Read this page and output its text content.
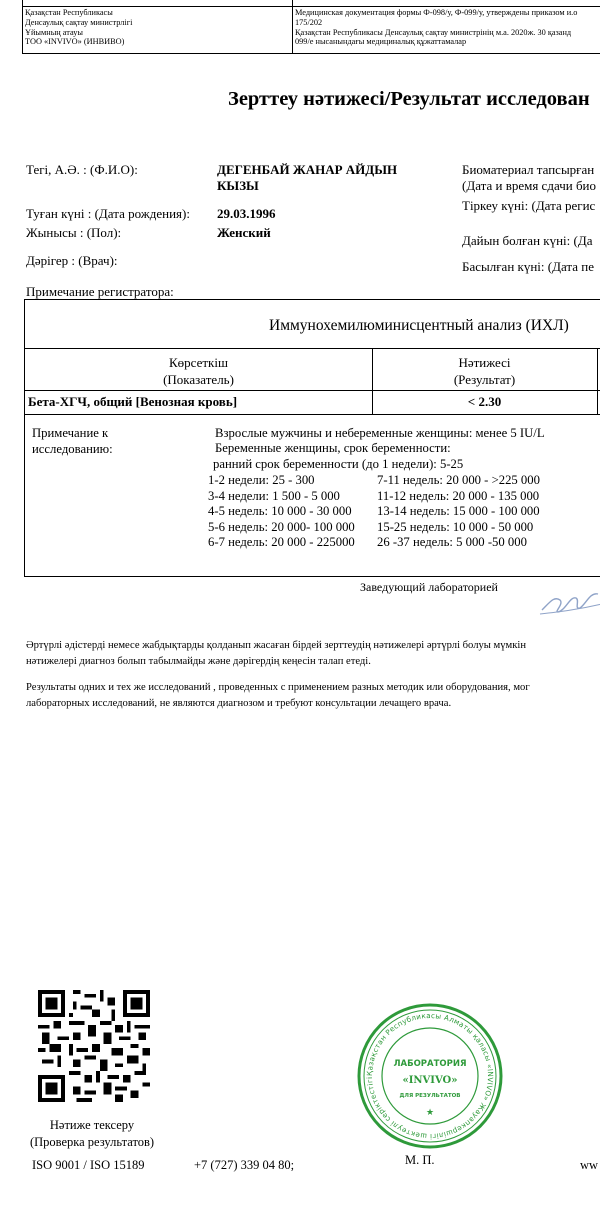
Қазақстан Республикасы
Денсаулық сақтау министрлігі
Ұйымның атауы
ТОО «INVIVO» (ИНВИВО)
Медицинская документация формы Ф-098/у, Ф-099/у, утверждены приказом и.о
175/202
Қазақстан Республикасы Денсаулық сақтау министрінің м.а. 2020ж. 30 қазанд
099/е нысанындағы медициналық құжаттамалар
Зерттеу нәтижесі/Результат исследован
Тегі, А.Ә. : (Ф.И.О):	ДЕГЕНБАЙ ЖАНАР АЙДЫН
КЫЗЫ
Туған күні : (Дата рождения): 29.03.1996
Жынысы : (Пол):	Женский
Дәрігер : (Врач):
Биоматериал тапсырған
(Дата и время сдачи био
Тіркеу күні: (Дата регис
Дайын болған күні: (Да
Басылған күні: (Дата пе
Примечание регистратора:
Иммунохемилюминисцентный анализ (ИХЛ)
Көрсеткіш
(Показатель)
Нәтижесі
(Результат)
Бета-ХГЧ, общий [Венозная кровь]	< 2.30
Примечание к
исследованию:
Взрослые мужчины и небеременные женщины: менее 5 IU/L
Беременные женщины, срок беременности:
ранний срок беременности (до 1 недели): 5-25
1-2 недели: 25 - 300
3-4 недели: 1 500 - 5 000
4-5 недель: 10 000 - 30 000
5-6 недель: 20 000- 100 000
6-7 недель: 20 000 - 225000
7-11 недель: 20 000 - >225 000
11-12 недель: 20 000 - 135 000
13-14 недель: 15 000 - 100 000
15-25 недель: 10 000 - 50 000
26 -37 недель: 5 000 -50 000
Заведующий лабораторией
Әртүрлі әдістерді немесе жабдықтарды қолданып жасаған бірдей зерттеудің нәтижелері әртүрлі болуы мүмкін
нәтижелері диагноз болып табылмайды және дәрігердің кеңесін талап етеді.
Результаты одних и тех же исследований , проведенных с применением разных методик или оборудования, мог
лабораторных исследований, не являются диагнозом и требуют консультации лечащего врача.
Нәтиже тексеру
(Проверка результатов)
Қазақстан Республикасы Алматы қаласы «INVIVO» Жауапкершілігі шектеулі серіктестігі
ЛАБОРАТОРИЯ
«INVIVO»
ДЛЯ РЕЗУЛЬТАТОВ
★
ISO 9001 / ISO 15189	+7 (727) 339 04 80;	М. П.	ww
